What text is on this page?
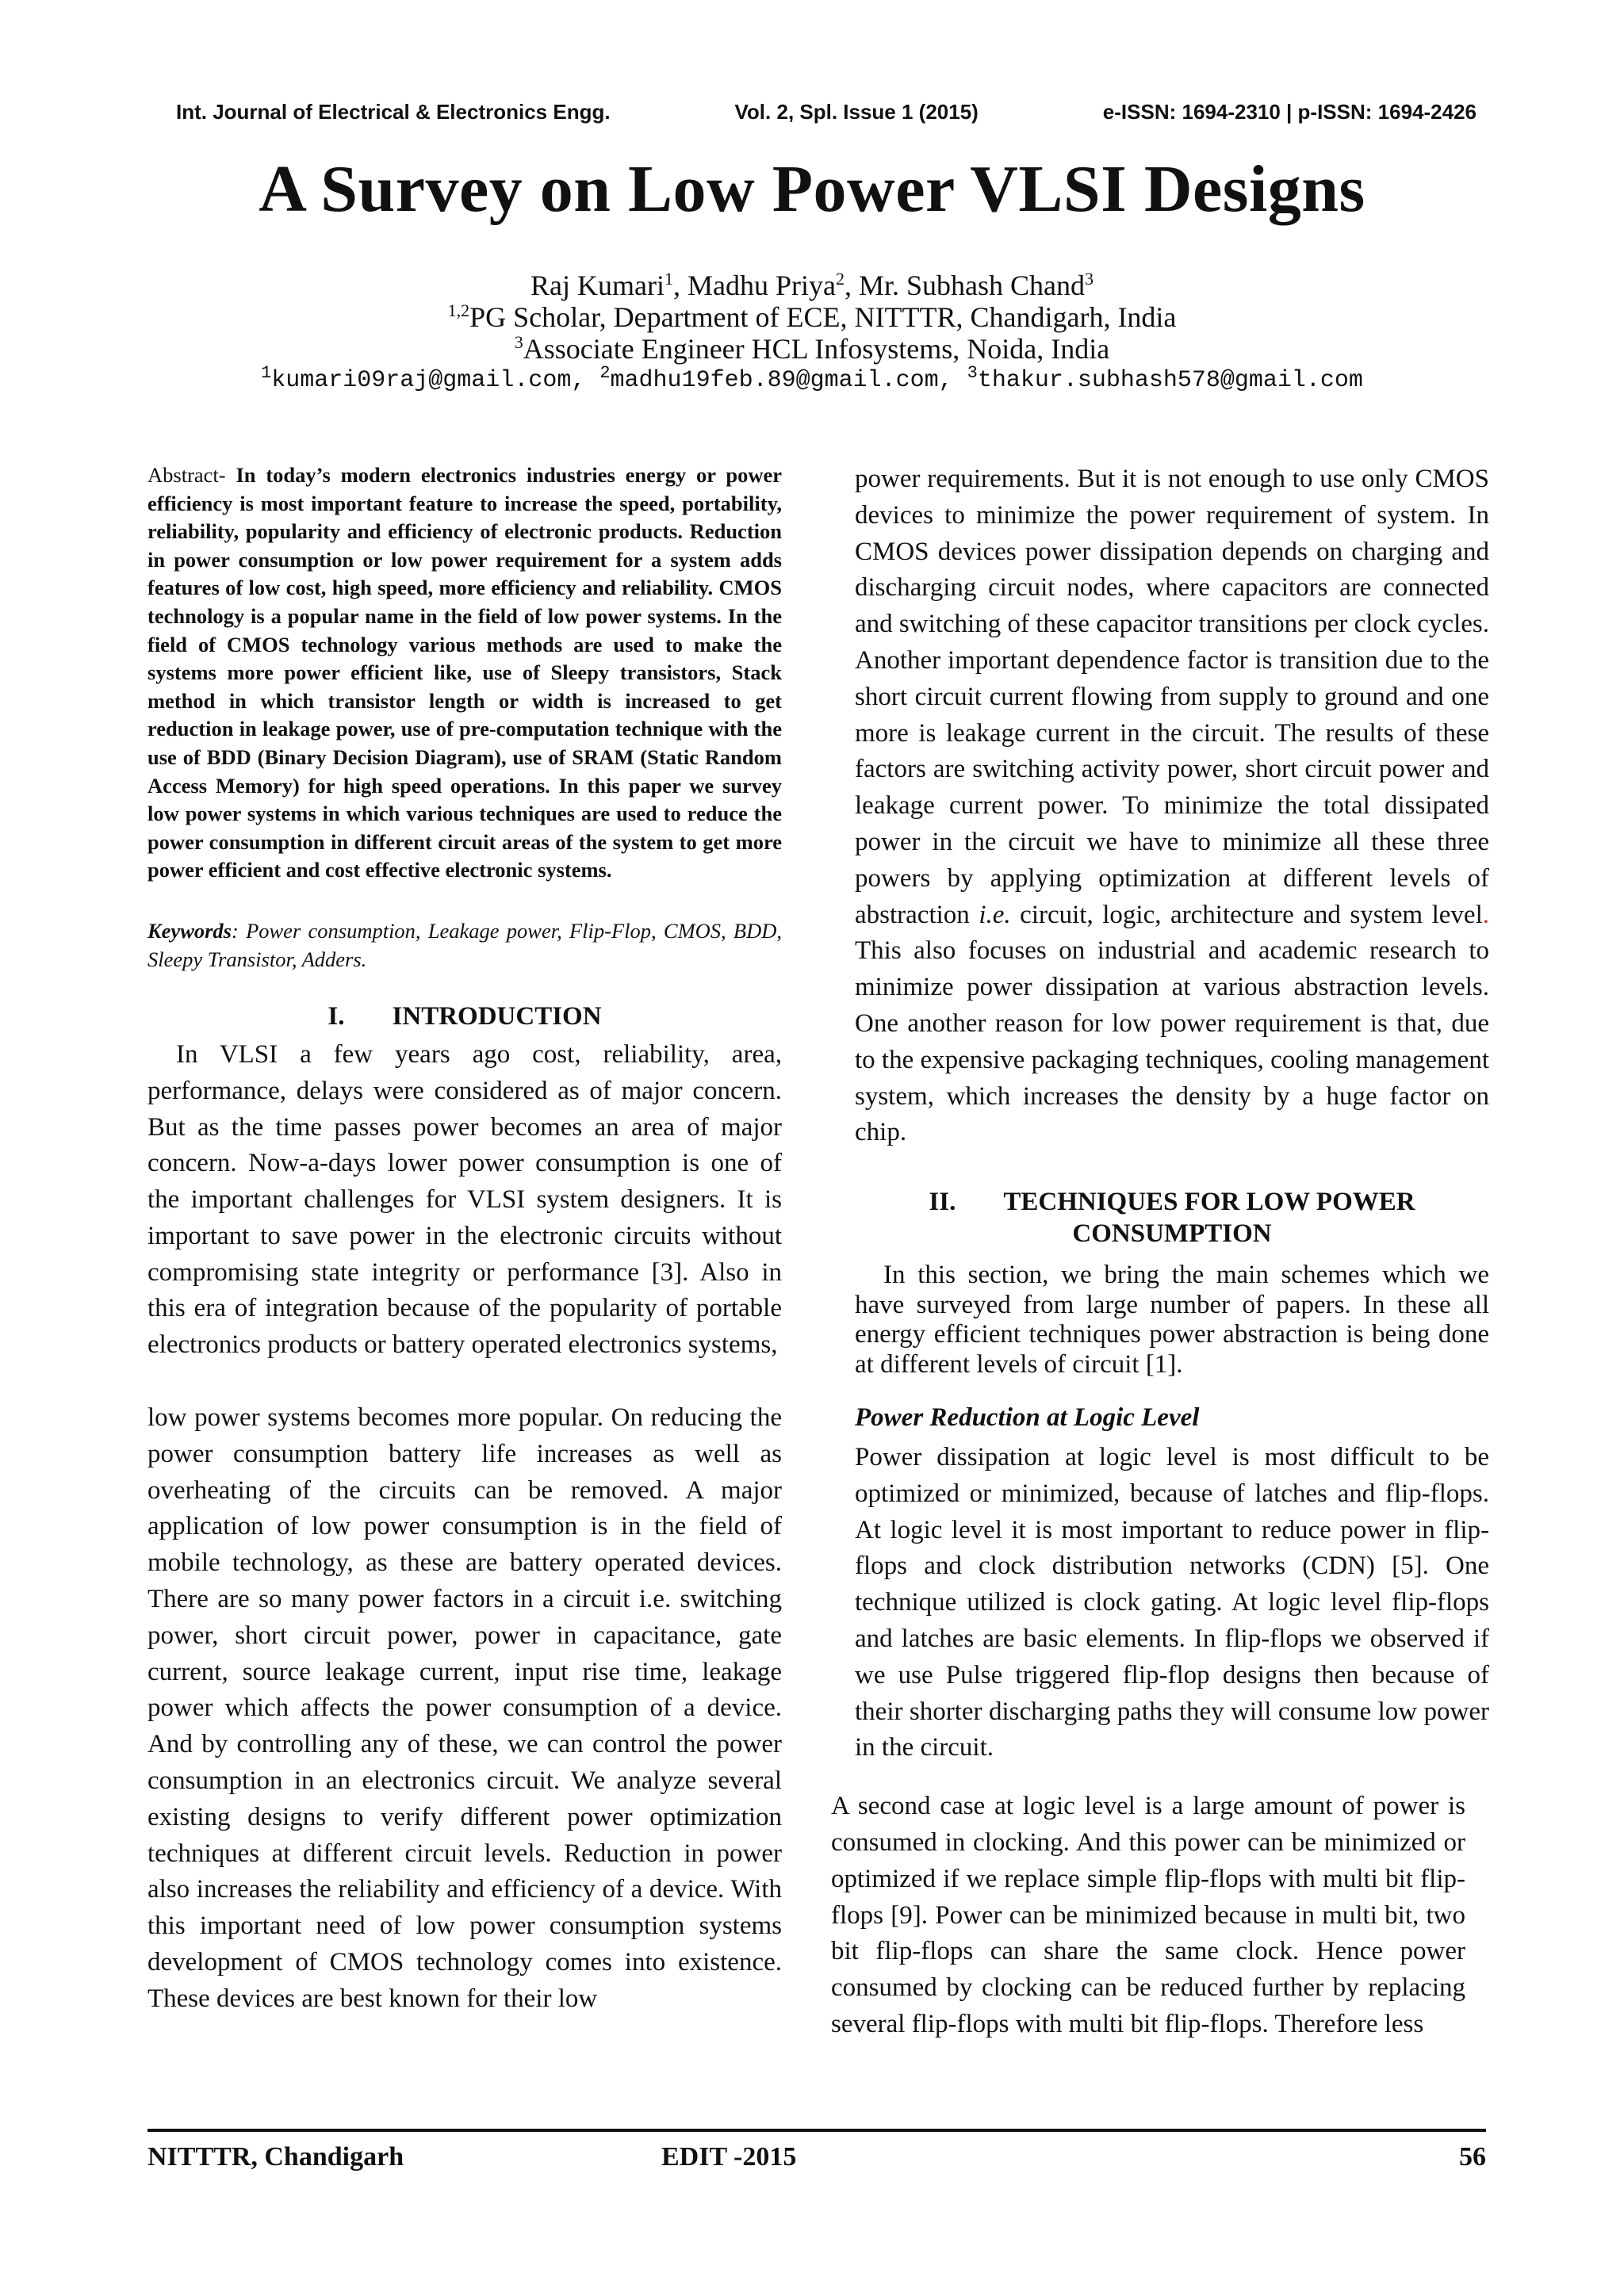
Int. Journal of Electrical & Electronics Engg.	Vol. 2, Spl. Issue 1 (2015)	e-ISSN: 1694-2310 | p-ISSN: 1694-2426
A Survey on Low Power VLSI Designs
Raj Kumari$^1$, Madhu Priya$^2$, Mr. Subhash Chand$^3$
$^{1,2}$PG Scholar, Department of ECE, NITTTR, Chandigarh, India
$^3$Associate Engineer HCL Infosystems, Noida, India
$^1$kumari09raj@gmail.com, $^2$madhu19feb.89@gmail.com, $^3$thakur.subhash578@gmail.com

Abstract- In today’s modern electronics industries energy or power efficiency is most important feature to increase the speed, portability, reliability, popularity and efficiency of electronic products. Reduction in power consumption or low power requirement for a system adds features of low cost, high speed, more efficiency and reliability. CMOS technology is a popular name in the field of low power systems. In the field of CMOS technology various methods are used to make the systems more power efficient like, use of Sleepy transistors, Stack method in which transistor length or width is increased to get reduction in leakage power, use of pre-computation technique with the use of BDD (Binary Decision Diagram), use of SRAM (Static Random Access Memory) for high speed operations. In this paper we survey low power systems in which various techniques are used to reduce the power consumption in different circuit areas of the system to get more power efficient and cost effective electronic systems.

Keywords: Power consumption, Leakage power, Flip-Flop, CMOS, BDD, Sleepy Transistor, Adders.

I. INTRODUCTION

In VLSI a few years ago cost, reliability, area, performance, delays were considered as of major concern. But as the time passes power becomes an area of major concern. Now-a-days lower power consumption is one of the important challenges for VLSI system designers. It is important to save power in the electronic circuits without compromising state integrity or performance [3]. Also in this era of integration because of the popularity of portable electronics products or battery operated electronics systems,

low power systems becomes more popular. On reducing the power consumption battery life increases as well as overheating of the circuits can be removed. A major application of low power consumption is in the field of mobile technology, as these are battery operated devices. There are so many power factors in a circuit i.e. switching power, short circuit power, power in capacitance, gate current, source leakage current, input rise time, leakage power which affects the power consumption of a device. And by controlling any of these, we can control the power consumption in an electronics circuit. We analyze several existing designs to verify different power optimization techniques at different circuit levels. Reduction in power also increases the reliability and efficiency of a device. With this important need of low power consumption systems development of CMOS technology comes into existence. These devices are best known for their low

power requirements. But it is not enough to use only CMOS devices to minimize the power requirement of system. In CMOS devices power dissipation depends on charging and discharging circuit nodes, where capacitors are connected and switching of these capacitor transitions per clock cycles. Another important dependence factor is transition due to the short circuit current flowing from supply to ground and one more is leakage current in the circuit. The results of these factors are switching activity power, short circuit power and leakage current power. To minimize the total dissipated power in the circuit we have to minimize all these three powers by applying optimization at different levels of abstraction i.e. circuit, logic, architecture and system level. This also focuses on industrial and academic research to minimize power dissipation at various abstraction levels. One another reason for low power requirement is that, due to the expensive packaging techniques, cooling management system, which increases the density by a huge factor on chip.

II. TECHNIQUES FOR LOW POWER CONSUMPTION

In this section, we bring the main schemes which we have surveyed from large number of papers. In these all energy efficient techniques power abstraction is being done at different levels of circuit [1].

Power Reduction at Logic Level

Power dissipation at logic level is most difficult to be optimized or minimized, because of latches and flip-flops. At logic level it is most important to reduce power in flip-flops and clock distribution networks (CDN) [5]. One technique utilized is clock gating. At logic level flip-flops and latches are basic elements. In flip-flops we observed if we use Pulse triggered flip-flop designs then because of their shorter discharging paths they will consume low power in the circuit.

A second case at logic level is a large amount of power is consumed in clocking. And this power can be minimized or optimized if we replace simple flip-flops with multi bit flip-flops [9]. Power can be minimized because in multi bit, two bit flip-flops can share the same clock. Hence power consumed by clocking can be reduced further by replacing several flip-flops with multi bit flip-flops. Therefore less

NITTTR, Chandigarh	EDIT -2015	56
